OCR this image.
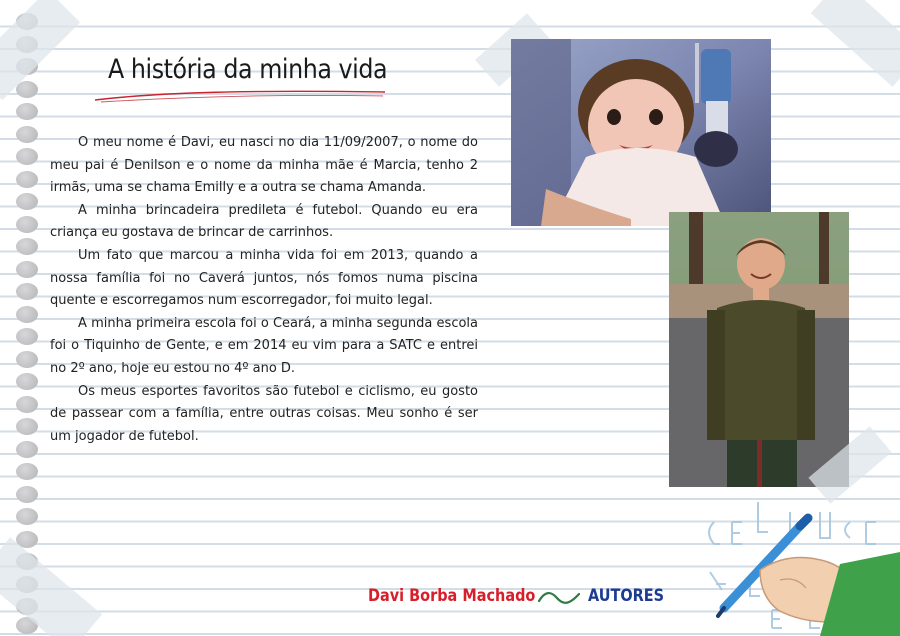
A história da minha vida

O meu nome é Davi, eu nasci no dia 11/09/2007, o nome do meu pai é Denilson e o nome da minha mãe é Marcia, tenho 2 irmãs, uma se chama Emilly e a outra se chama Amanda.

A minha brincadeira predileta é futebol. Quando eu era criança eu gostava de brincar de carrinhos.

Um fato que marcou a minha vida foi em 2013, quando a nossa família foi no Caverá juntos, nós fomos numa piscina quente e escorregamos num escorregador, foi muito legal.

A minha primeira escola foi o Ceará, a minha segunda escola foi o Tiquinho de Gente, e em 2014 eu vim para a SATC e entrei no 2º ano, hoje eu estou no 4º ano D.

Os meus esportes favoritos são futebol e ciclismo, eu gosto de passear com a família, entre outras coisas. Meu sonho é ser um jogador de futebol.

Davi Borba Machado	AUTORES
